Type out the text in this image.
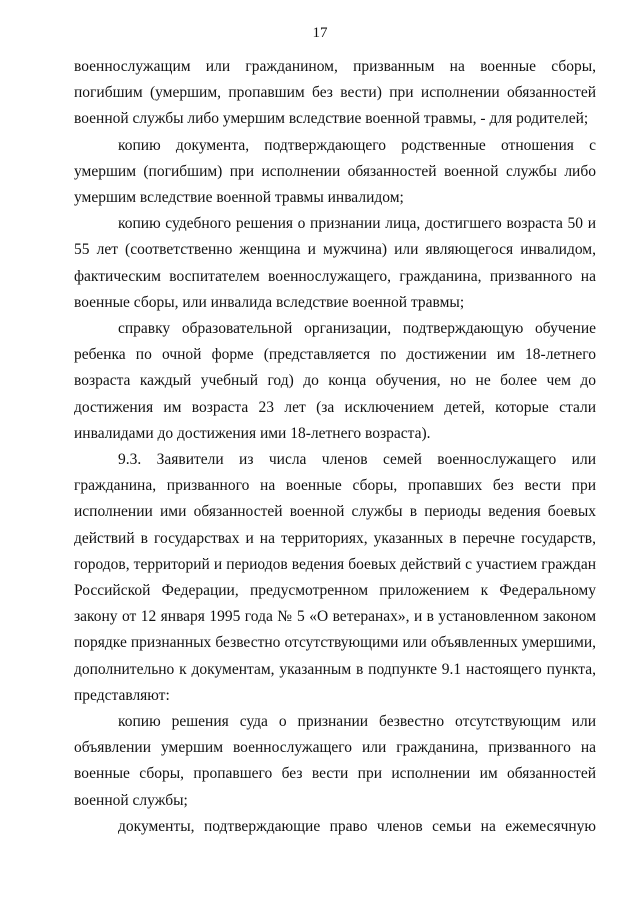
17

военнослужащим или гражданином, призванным на военные сборы, погибшим (умершим, пропавшим без вести) при исполнении обязанностей военной службы либо умершим вследствие военной травмы, - для родителей;

копию документа, подтверждающего родственные отношения с умершим (погибшим) при исполнении обязанностей военной службы либо умершим вследствие военной травмы инвалидом;

копию судебного решения о признании лица, достигшего возраста 50 и 55 лет (соответственно женщина и мужчина) или являющегося инвалидом, фактическим воспитателем военнослужащего, гражданина, призванного на военные сборы, или инвалида вследствие военной травмы;

справку образовательной организации, подтверждающую обучение ребенка по очной форме (представляется по достижении им 18-летнего возраста каждый учебный год) до конца обучения, но не более чем до достижения им возраста 23 лет (за исключением детей, которые стали инвалидами до достижения ими 18-летнего возраста).

9.3. Заявители из числа членов семей военнослужащего или гражданина, призванного на военные сборы, пропавших без вести при исполнении ими обязанностей военной службы в периоды ведения боевых действий в государствах и на территориях, указанных в перечне государств, городов, территорий и периодов ведения боевых действий с участием граждан Российской Федерации, предусмотренном приложением к Федеральному закону от 12 января 1995 года № 5 «О ветеранах», и в установленном законом порядке признанных безвестно отсутствующими или объявленных умершими, дополнительно к документам, указанным в подпункте 9.1 настоящего пункта, представляют:

копию решения суда о признании безвестно отсутствующим или объявлении умершим военнослужащего или гражданина, призванного на военные сборы, пропавшего без вести при исполнении им обязанностей военной службы;

документы, подтверждающие право членов семьи на ежемесячную
